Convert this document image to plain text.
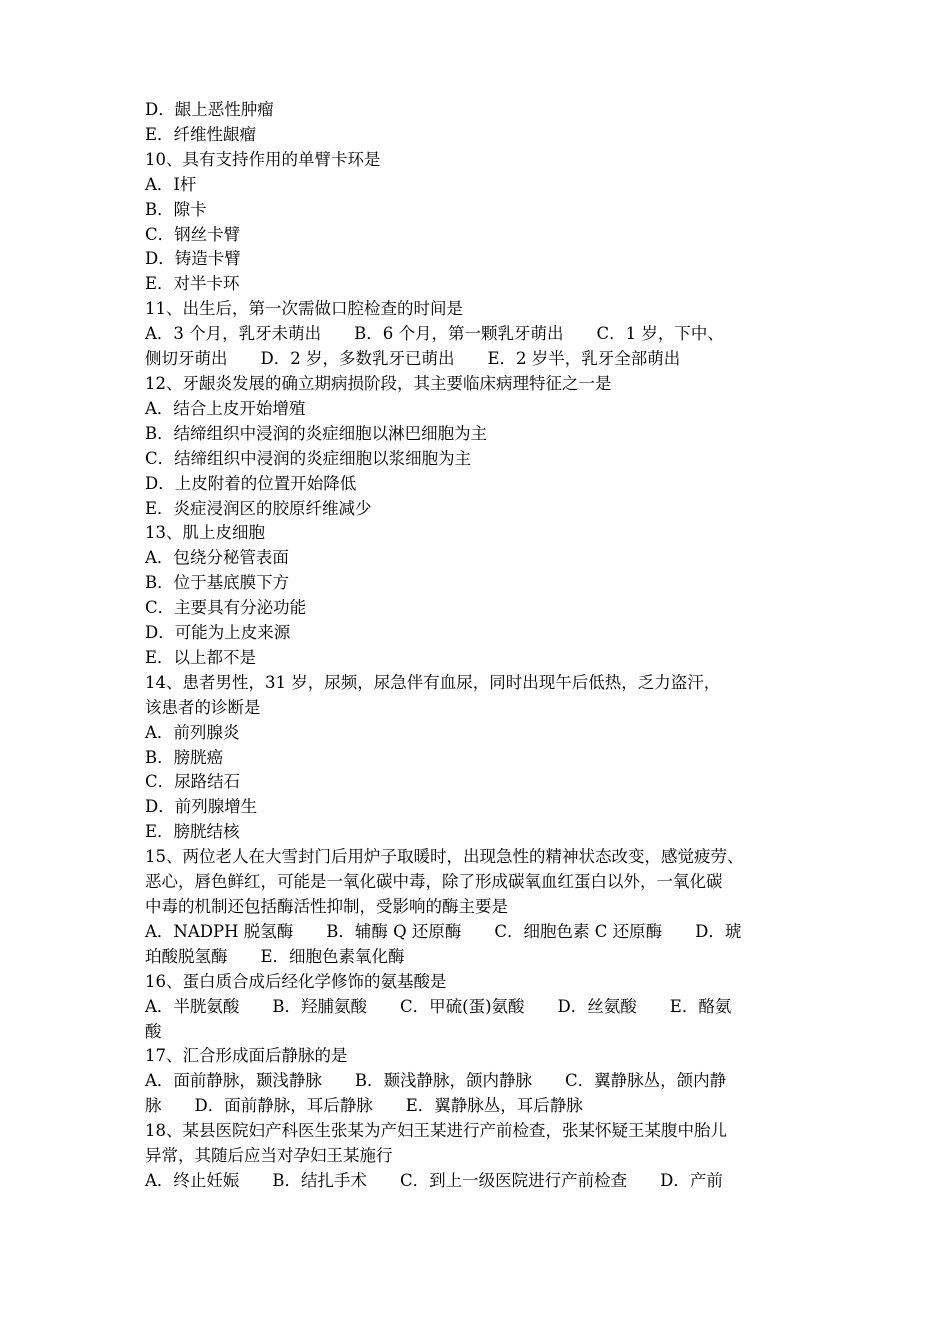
D．龈上恶性肿瘤
E．纤维性龈瘤
10、具有支持作用的单臂卡环是
A．Ⅰ杆
B．隙卡
C．钢丝卡臂
D．铸造卡臂
E．对半卡环
11、出生后，第一次需做口腔检查的时间是
A．3 个月，乳牙未萌出　　B．6 个月，第一颗乳牙萌出　　C．1 岁，下中、
侧切牙萌出　　D．2 岁，多数乳牙已萌出　　E．2 岁半，乳牙全部萌出
12、牙龈炎发展的确立期病损阶段，其主要临床病理特征之一是
A．结合上皮开始增殖
B．结缔组织中浸润的炎症细胞以淋巴细胞为主
C．结缔组织中浸润的炎症细胞以浆细胞为主
D．上皮附着的位置开始降低
E．炎症浸润区的胶原纤维减少
13、肌上皮细胞
A．包绕分秘管表面
B．位于基底膜下方
C．主要具有分泌功能
D．可能为上皮来源
E．以上都不是
14、患者男性，31 岁，尿频，尿急伴有血尿，同时出现午后低热，乏力盗汗，
该患者的诊断是
A．前列腺炎
B．膀胱癌
C．尿路结石
D．前列腺增生
E．膀胱结核
15、两位老人在大雪封门后用炉子取暖时，出现急性的精神状态改变，感觉疲劳、
恶心，唇色鲜红，可能是一氧化碳中毒，除了形成碳氧血红蛋白以外，一氧化碳
中毒的机制还包括酶活性抑制，受影响的酶主要是
A．NADPH 脱氢酶　　B．辅酶 Q 还原酶　　C．细胞色素 C 还原酶　　D．琥
珀酸脱氢酶　　E．细胞色素氧化酶
16、蛋白质合成后经化学修饰的氨基酸是
A．半胱氨酸　　B．羟脯氨酸　　C．甲硫(蛋)氨酸　　D．丝氨酸　　E．酪氨
酸
17、汇合形成面后静脉的是
A．面前静脉，颞浅静脉　　B．颞浅静脉，颌内静脉　　C．翼静脉丛，颌内静
脉　　D．面前静脉，耳后静脉　　E．翼静脉丛，耳后静脉
18、某县医院妇产科医生张某为产妇王某进行产前检查，张某怀疑王某腹中胎儿
异常，其随后应当对孕妇王某施行
A．终止妊娠　　B．结扎手术　　C．到上一级医院进行产前检查　　D．产前
